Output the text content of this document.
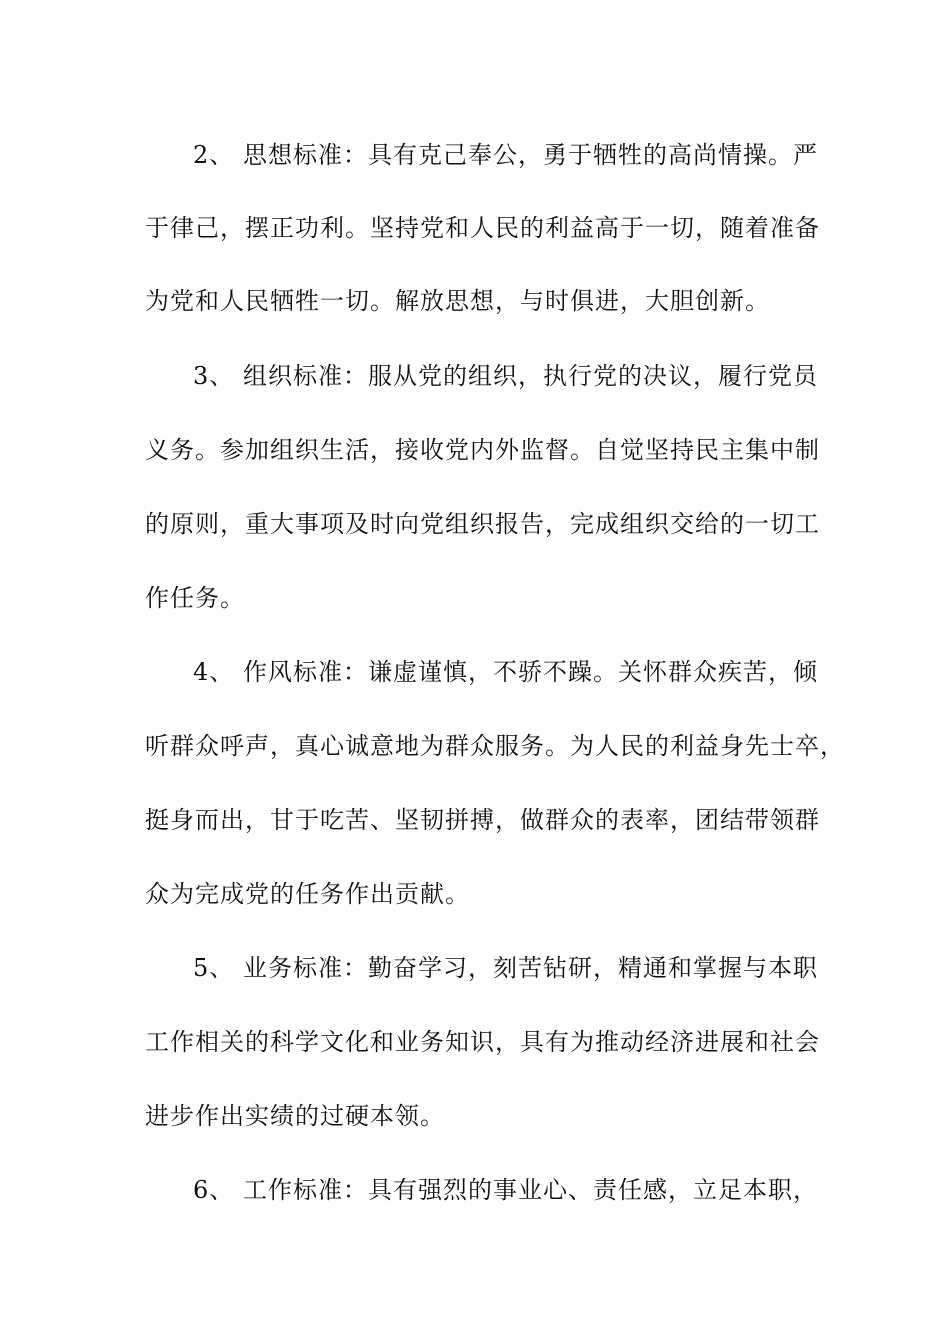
2、 思想标准：具有克己奉公，勇于牺牲的高尚情操。严
于律己，摆正功利。坚持党和人民的利益高于一切，随着准备
为党和人民牺牲一切。解放思想，与时俱进，大胆创新。
3、 组织标准：服从党的组织，执行党的决议，履行党员
义务。参加组织生活，接收党内外监督。自觉坚持民主集中制
的原则，重大事项及时向党组织报告，完成组织交给的一切工
作任务。
4、 作风标准：谦虚谨慎，不骄不躁。关怀群众疾苦，倾
听群众呼声，真心诚意地为群众服务。为人民的利益身先士卒，
挺身而出，甘于吃苦、坚韧拼搏，做群众的表率，团结带领群
众为完成党的任务作出贡献。
5、 业务标准：勤奋学习，刻苦钻研，精通和掌握与本职
工作相关的科学文化和业务知识，具有为推动经济进展和社会
进步作出实绩的过硬本领。
6、 工作标准：具有强烈的事业心、责任感，立足本职，
